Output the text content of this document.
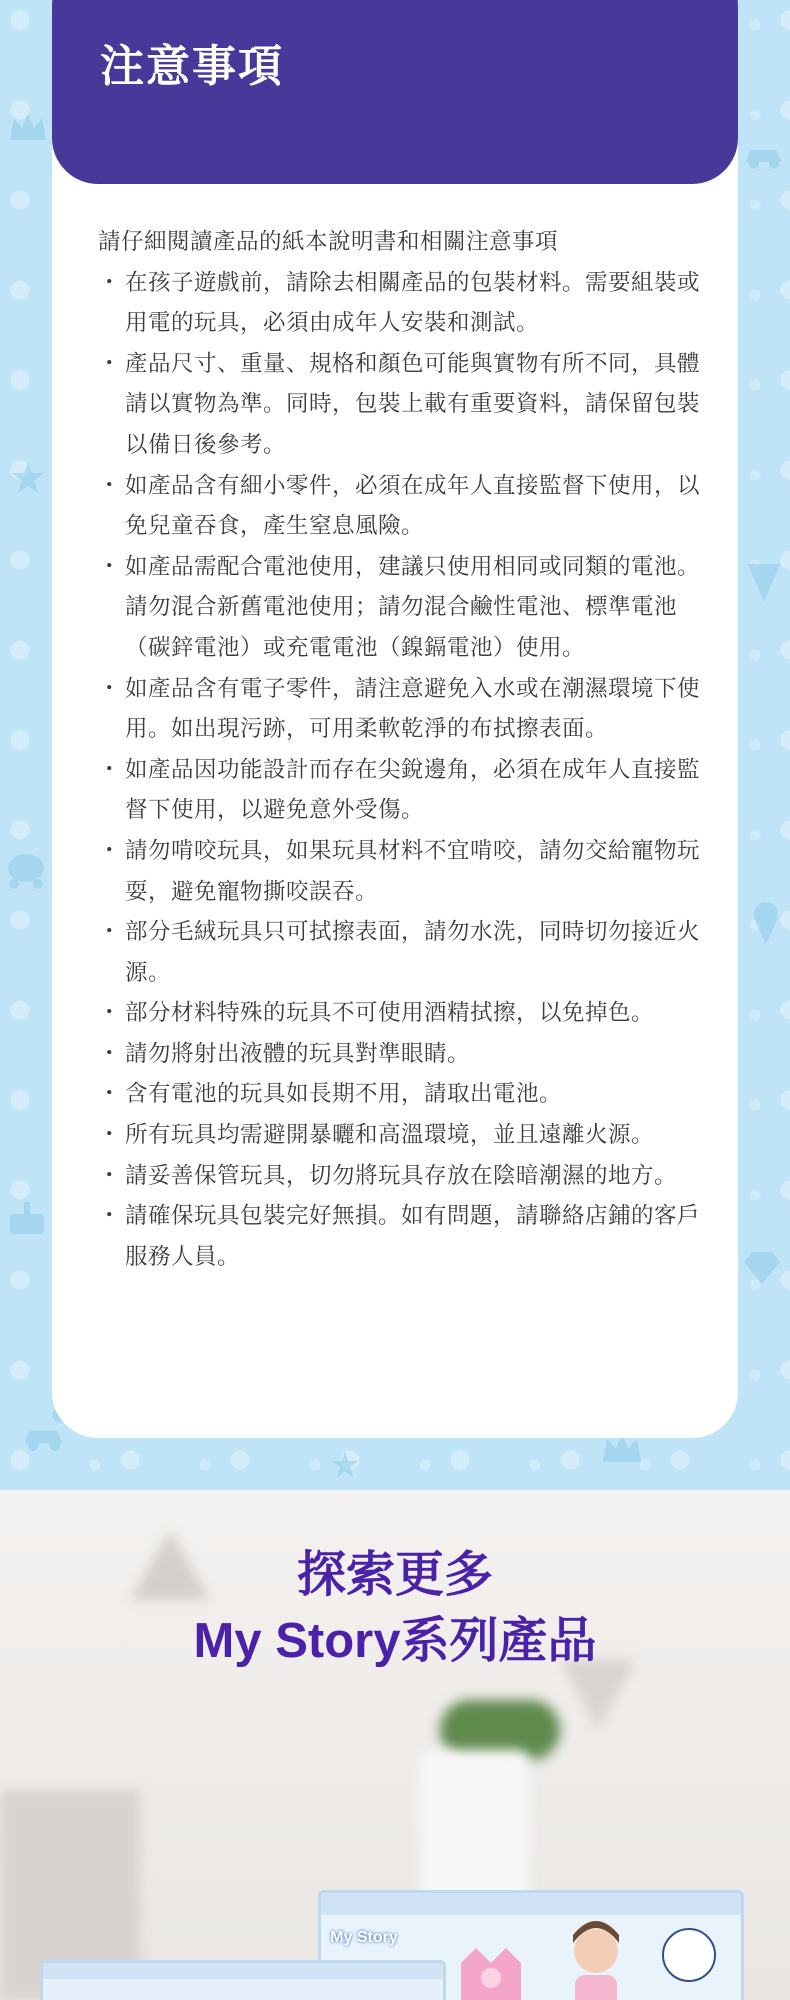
注意事項

請仔細閱讀產品的紙本說明書和相關注意事項

・ 在孩子遊戲前，請除去相關產品的包裝材料。需要組裝或用電的玩具，必須由成年人安裝和測試。
・ 產品尺寸、重量、規格和顏色可能與實物有所不同，具體請以實物為準。同時，包裝上載有重要資料，請保留包裝以備日後參考。
・ 如產品含有細小零件，必須在成年人直接監督下使用，以免兒童吞食，產生窒息風險。
・ 如產品需配合電池使用，建議只使用相同或同類的電池。請勿混合新舊電池使用；請勿混合鹼性電池、標準電池（碳鋅電池）或充電電池（鎳鎘電池）使用。
・ 如產品含有電子零件，請注意避免入水或在潮濕環境下使用。如出現污跡，可用柔軟乾淨的布拭擦表面。
・ 如產品因功能設計而存在尖銳邊角，必須在成年人直接監督下使用，以避免意外受傷。
・ 請勿啃咬玩具，如果玩具材料不宜啃咬，請勿交給寵物玩耍，避免寵物撕咬誤吞。
・ 部分毛絨玩具只可拭擦表面，請勿水洗，同時切勿接近火源。
・ 部分材料特殊的玩具不可使用酒精拭擦，以免掉色。
・ 請勿將射出液體的玩具對準眼睛。
・ 含有電池的玩具如長期不用，請取出電池。
・ 所有玩具均需避開暴曬和高溫環境，並且遠離火源。
・ 請妥善保管玩具，切勿將玩具存放在陰暗潮濕的地方。
・ 請確保玩具包裝完好無損。如有問題，請聯絡店鋪的客戶服務人員。
探索更多
My Story系列產品
My Story
